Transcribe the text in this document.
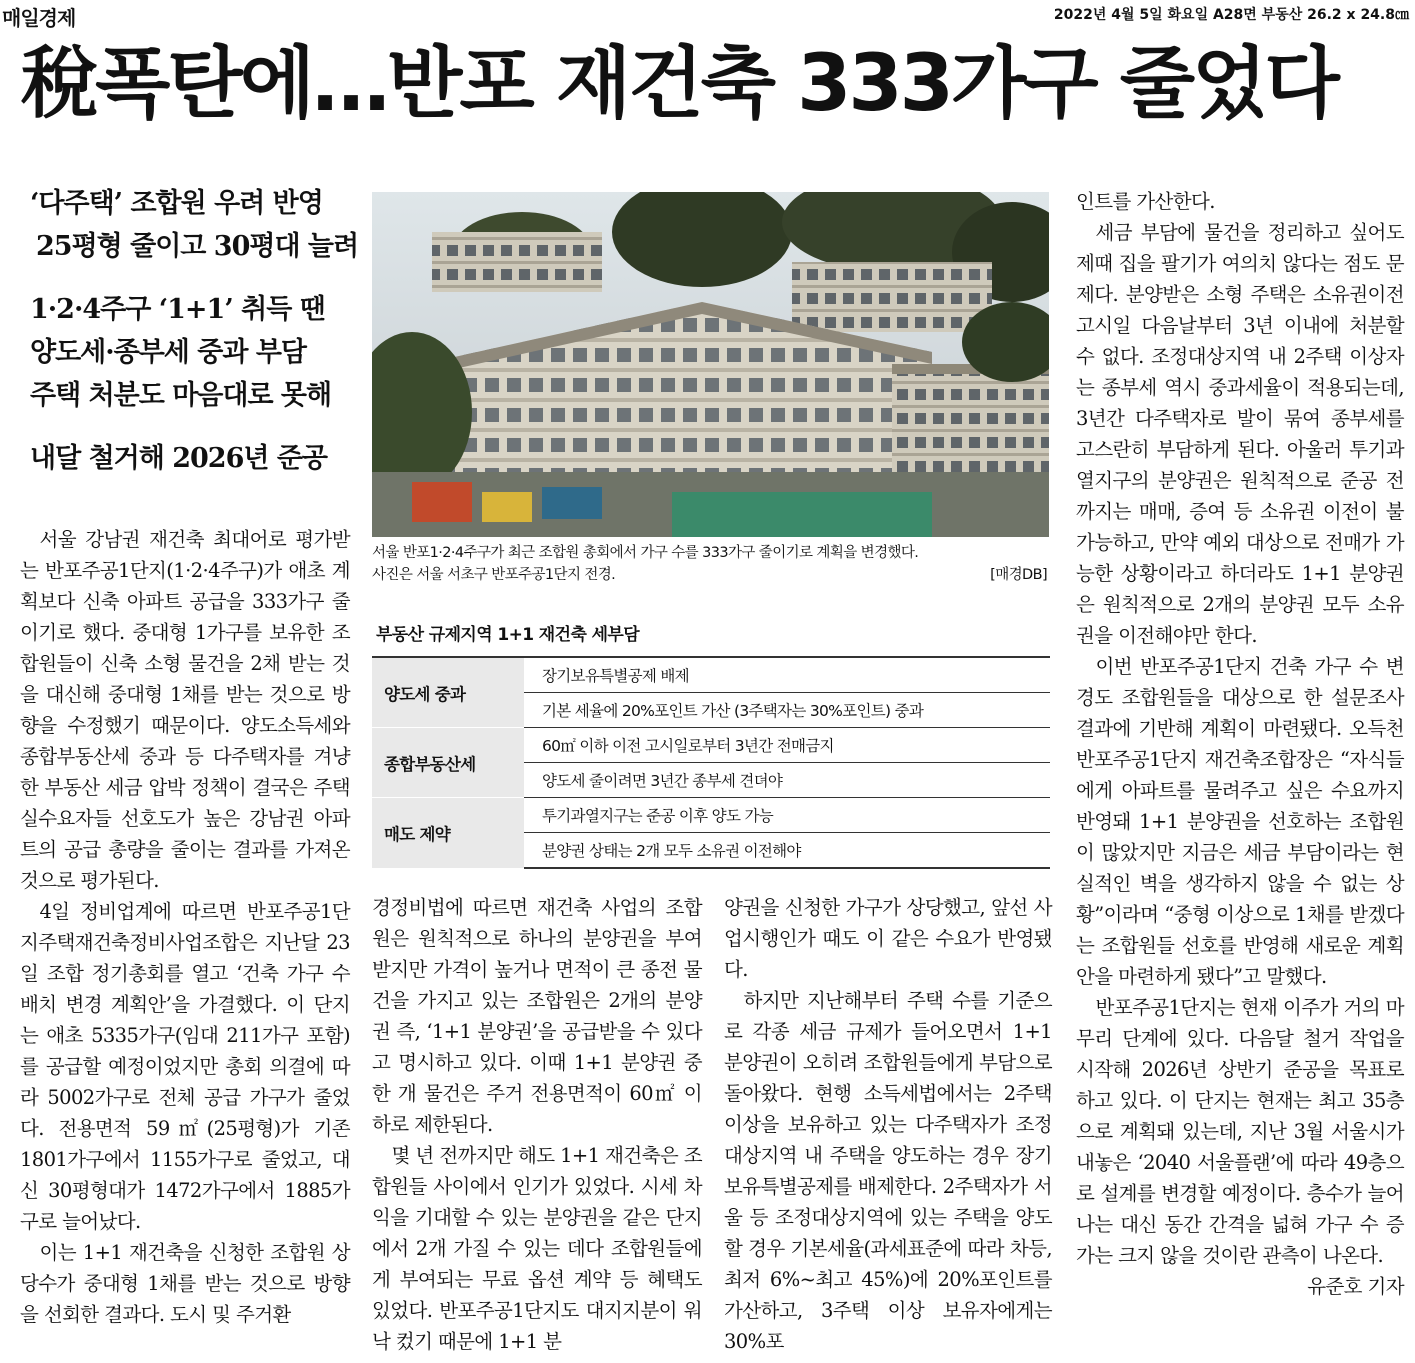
매일경제	2022년 4월 5일 화요일 A28면 부동산 26.2 x 24.8㎝
稅폭탄에…반포 재건축 333가구 줄었다
‘다주택’ 조합원 우려 반영
25평형 줄이고 30평대 늘려
1·2·4주구 ‘1+1’ 취득 땐
양도세·종부세 중과 부담
주택 처분도 마음대로 못해
내달 철거해 2026년 준공
서울 반포1·2·4주구가 최근 조합원 총회에서 가구 수를 333가구 줄이기로 계획을 변경했다.
사진은 서울 서초구 반포주공1단지 전경.	[매경DB]
부동산 규제지역 1+1 재건축 세부담
양도세 중과	장기보유특별공제 배제
	기본 세율에 20%포인트 가산 (3주택자는 30%포인트) 중과
종합부동산세	60㎡ 이하 이전 고시일로부터 3년간 전매금지
	양도세 줄이려면 3년간 종부세 견뎌야
매도 제약	투기과열지구는 준공 이후 양도 가능
	분양권 상태는 2개 모두 소유권 이전해야

서울 강남권 재건축 최대어로 평가받는 반포주공1단지(1·2·4주구)가 애초 계획보다 신축 아파트 공급을 333가구 줄이기로 했다. 중대형 1가구를 보유한 조합원들이 신축 소형 물건을 2채 받는 것을 대신해 중대형 1채를 받는 것으로 방향을 수정했기 때문이다. 양도소득세와 종합부동산세 중과 등 다주택자를 겨냥한 부동산 세금 압박 정책이 결국은 주택 실수요자들 선호도가 높은 강남권 아파트의 공급 총량을 줄이는 결과를 가져온 것으로 평가된다.

4일 정비업계에 따르면 반포주공1단지주택재건축정비사업조합은 지난달 23일 조합 정기총회를 열고 ‘건축 가구 수 배치 변경 계획안’을 가결했다. 이 단지는 애초 5335가구(임대 211가구 포함)를 공급할 예정이었지만 총회 의결에 따라 5002가구로 전체 공급 가구가 줄었다. 전용면적 59㎡(25평형)가 기존 1801가구에서 1155가구로 줄었고, 대신 30평형대가 1472가구에서 1885가구로 늘어났다.

이는 1+1 재건축을 신청한 조합원 상당수가 중대형 1채를 받는 것으로 방향을 선회한 결과다. 도시 및 주거환

경정비법에 따르면 재건축 사업의 조합원은 원칙적으로 하나의 분양권을 부여받지만 가격이 높거나 면적이 큰 종전 물건을 가지고 있는 조합원은 2개의 분양권 즉, ‘1+1 분양권’을 공급받을 수 있다고 명시하고 있다. 이때 1+1 분양권 중 한 개 물건은 주거 전용면적이 60㎡ 이하로 제한된다.

몇 년 전까지만 해도 1+1 재건축은 조합원들 사이에서 인기가 있었다. 시세 차익을 기대할 수 있는 분양권을 같은 단지에서 2개 가질 수 있는 데다 조합원들에게 부여되는 무료 옵션 계약 등 혜택도 있었다. 반포주공1단지도 대지지분이 워낙 컸기 때문에 1+1 분

양권을 신청한 가구가 상당했고, 앞선 사업시행인가 때도 이 같은 수요가 반영됐다.

하지만 지난해부터 주택 수를 기준으로 각종 세금 규제가 들어오면서 1+1 분양권이 오히려 조합원들에게 부담으로 돌아왔다. 현행 소득세법에서는 2주택 이상을 보유하고 있는 다주택자가 조정대상지역 내 주택을 양도하는 경우 장기보유특별공제를 배제한다. 2주택자가 서울 등 조정대상지역에 있는 주택을 양도할 경우 기본세율(과세표준에 따라 차등, 최저 6%~최고 45%)에 20%포인트를 가산하고, 3주택 이상 보유자에게는 30%포

인트를 가산한다.

세금 부담에 물건을 정리하고 싶어도 제때 집을 팔기가 여의치 않다는 점도 문제다. 분양받은 소형 주택은 소유권이전고시일 다음날부터 3년 이내에 처분할 수 없다. 조정대상지역 내 2주택 이상자는 종부세 역시 중과세율이 적용되는데, 3년간 다주택자로 발이 묶여 종부세를 고스란히 부담하게 된다. 아울러 투기과열지구의 분양권은 원칙적으로 준공 전까지는 매매, 증여 등 소유권 이전이 불가능하고, 만약 예외 대상으로 전매가 가능한 상황이라고 하더라도 1+1 분양권은 원칙적으로 2개의 분양권 모두 소유권을 이전해야만 한다.

이번 반포주공1단지 건축 가구 수 변경도 조합원들을 대상으로 한 설문조사 결과에 기반해 계획이 마련됐다. 오득천 반포주공1단지 재건축조합장은 “자식들에게 아파트를 물려주고 싶은 수요까지 반영돼 1+1 분양권을 선호하는 조합원이 많았지만 지금은 세금 부담이라는 현실적인 벽을 생각하지 않을 수 없는 상황”이라며 “중형 이상으로 1채를 받겠다는 조합원들 선호를 반영해 새로운 계획안을 마련하게 됐다”고 말했다.

반포주공1단지는 현재 이주가 거의 마무리 단계에 있다. 다음달 철거 작업을 시작해 2026년 상반기 준공을 목표로 하고 있다. 이 단지는 현재는 최고 35층으로 계획돼 있는데, 지난 3월 서울시가 내놓은 ‘2040 서울플랜’에 따라 49층으로 설계를 변경할 예정이다. 층수가 늘어나는 대신 동간 간격을 넓혀 가구 수 증가는 크지 않을 것이란 관측이 나온다.

유준호 기자
